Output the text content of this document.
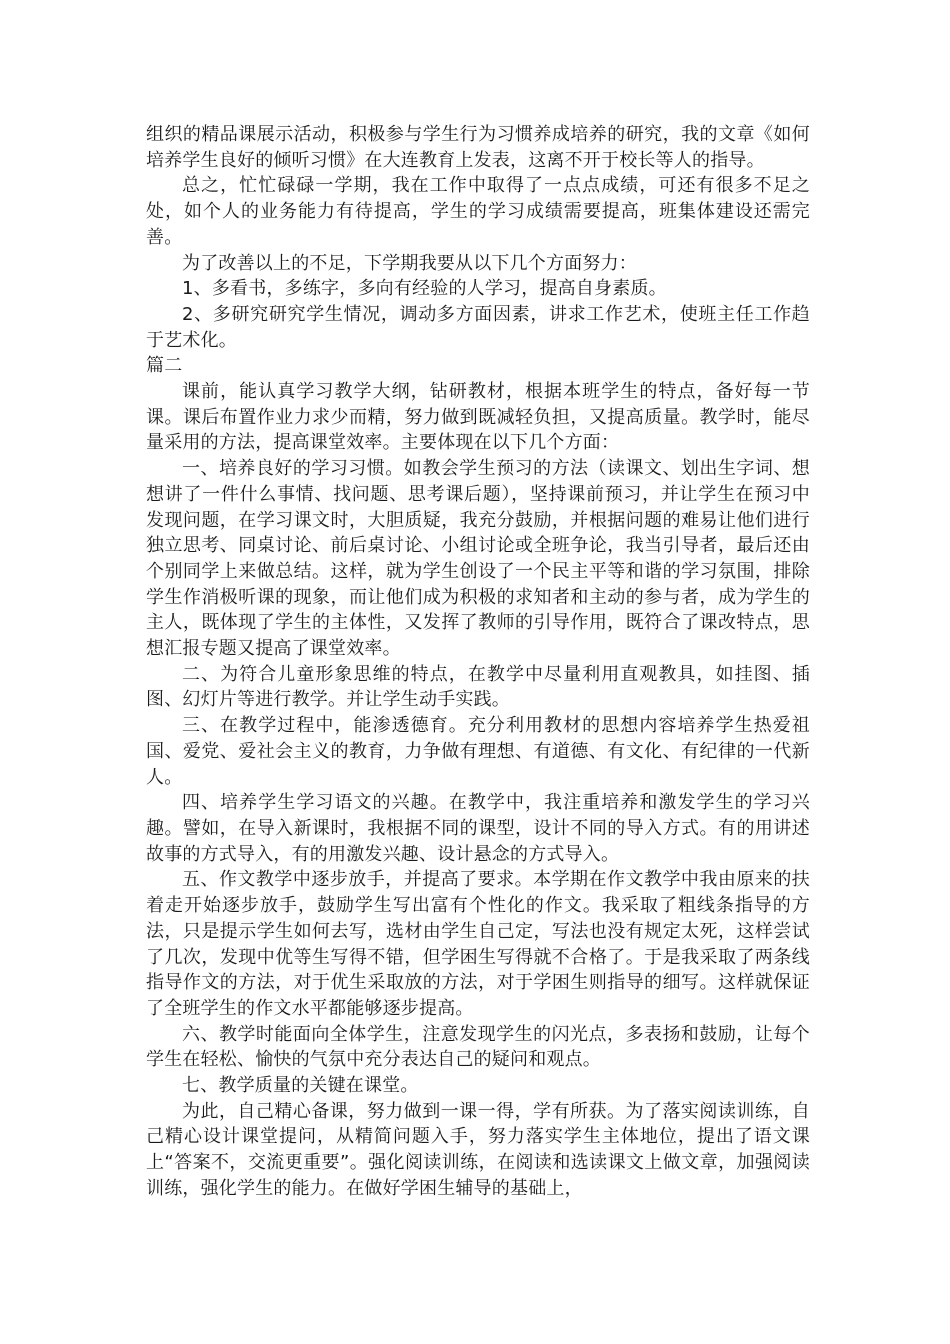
组织的精品课展示活动，积极参与学生行为习惯养成培养的研究，我的文章《如何培养学生良好的倾听习惯》在大连教育上发表，这离不开于校长等人的指导。

总之，忙忙碌碌一学期，我在工作中取得了一点点成绩，可还有很多不足之处，如个人的业务能力有待提高，学生的学习成绩需要提高，班集体建设还需完善。

为了改善以上的不足，下学期我要从以下几个方面努力：

1、多看书，多练字，多向有经验的人学习，提高自身素质。

2、多研究研究学生情况，调动多方面因素，讲求工作艺术，使班主任工作趋于艺术化。

篇二

课前，能认真学习教学大纲，钻研教材，根据本班学生的特点，备好每一节课。课后布置作业力求少而精，努力做到既减轻负担，又提高质量。教学时，能尽量采用的方法，提高课堂效率。主要体现在以下几个方面：

一、培养良好的学习习惯。如教会学生预习的方法（读课文、划出生字词、想想讲了一件什么事情、找问题、思考课后题），坚持课前预习，并让学生在预习中发现问题，在学习课文时，大胆质疑，我充分鼓励，并根据问题的难易让他们进行独立思考、同桌讨论、前后桌讨论、小组讨论或全班争论，我当引导者，最后还由个别同学上来做总结。这样，就为学生创设了一个民主平等和谐的学习氛围，排除学生作消极听课的现象，而让他们成为积极的求知者和主动的参与者，成为学生的主人，既体现了学生的主体性，又发挥了教师的引导作用，既符合了课改特点，思想汇报专题又提高了课堂效率。

二、为符合儿童形象思维的特点，在教学中尽量利用直观教具，如挂图、插图、幻灯片等进行教学。并让学生动手实践。

三、在教学过程中，能渗透德育。充分利用教材的思想内容培养学生热爱祖国、爱党、爱社会主义的教育，力争做有理想、有道德、有文化、有纪律的一代新人。

四、培养学生学习语文的兴趣。在教学中，我注重培养和激发学生的学习兴趣。譬如，在导入新课时，我根据不同的课型，设计不同的导入方式。有的用讲述故事的方式导入，有的用激发兴趣、设计悬念的方式导入。

五、作文教学中逐步放手，并提高了要求。本学期在作文教学中我由原来的扶着走开始逐步放手，鼓励学生写出富有个性化的作文。我采取了粗线条指导的方法，只是提示学生如何去写，选材由学生自己定，写法也没有规定太死，这样尝试了几次，发现中优等生写得不错，但学困生写得就不合格了。于是我采取了两条线指导作文的方法，对于优生采取放的方法，对于学困生则指导的细写。这样就保证了全班学生的作文水平都能够逐步提高。

六、教学时能面向全体学生，注意发现学生的闪光点，多表扬和鼓励，让每个学生在轻松、愉快的气氛中充分表达自己的疑问和观点。

七、教学质量的关键在课堂。

为此，自己精心备课，努力做到一课一得，学有所获。为了落实阅读训练，自己精心设计课堂提问，从精简问题入手，努力落实学生主体地位，提出了语文课上“答案不，交流更重要”。强化阅读训练，在阅读和选读课文上做文章，加强阅读训练，强化学生的能力。在做好学困生辅导的基础上，
